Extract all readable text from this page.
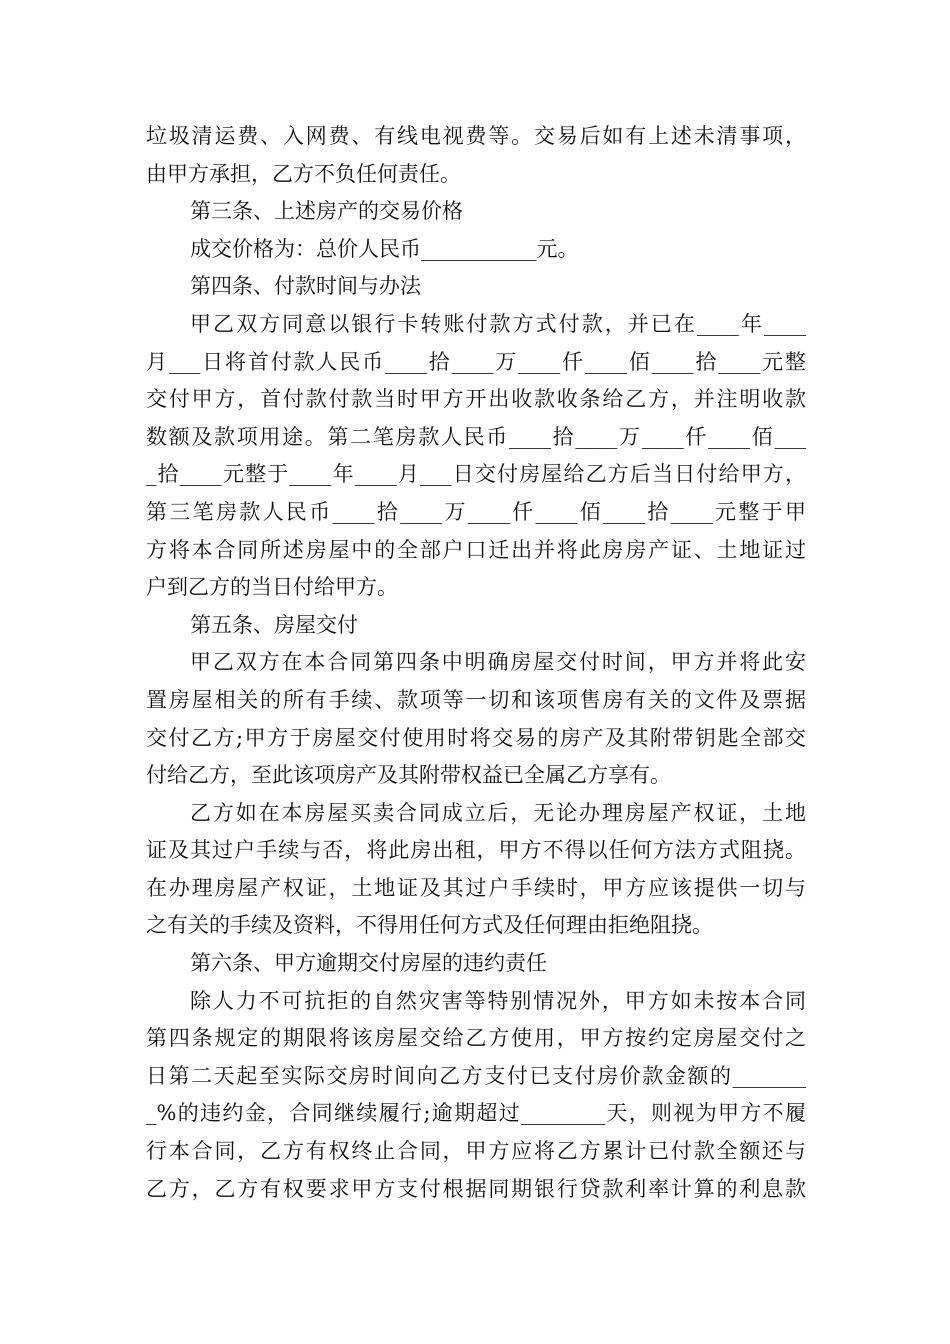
垃圾清运费、入网费、有线电视费等。交易后如有上述未清事项，
由甲方承担，乙方不负任何责任。
第三条、上述房产的交易价格
成交价格为：总价人民币___________元。
第四条、付款时间与办法
甲乙双方同意以银行卡转账付款方式付款，并已在____年____
月___日将首付款人民币____拾____万____仟____佰____拾____元整
交付甲方，首付款付款当时甲方开出收款收条给乙方，并注明收款
数额及款项用途。第二笔房款人民币____拾____万____仟____佰___
_拾____元整于____年____月___日交付房屋给乙方后当日付给甲方，
第三笔房款人民币____拾____万____仟____佰____拾____元整于甲
方将本合同所述房屋中的全部户口迁出并将此房房产证、土地证过
户到乙方的当日付给甲方。
第五条、房屋交付
甲乙双方在本合同第四条中明确房屋交付时间，甲方并将此安
置房屋相关的所有手续、款项等一切和该项售房有关的文件及票据
交付乙方;甲方于房屋交付使用时将交易的房产及其附带钥匙全部交
付给乙方，至此该项房产及其附带权益已全属乙方享有。
乙方如在本房屋买卖合同成立后，无论办理房屋产权证，土地
证及其过户手续与否，将此房出租，甲方不得以任何方法方式阻挠。
在办理房屋产权证，土地证及其过户手续时，甲方应该提供一切与
之有关的手续及资料，不得用任何方式及任何理由拒绝阻挠。
第六条、甲方逾期交付房屋的违约责任
除人力不可抗拒的自然灾害等特别情况外，甲方如未按本合同
第四条规定的期限将该房屋交给乙方使用，甲方按约定房屋交付之
日第二天起至实际交房时间向乙方支付已支付房价款金额的_______
_%的违约金，合同继续履行;逾期超过________天，则视为甲方不履
行本合同，乙方有权终止合同，甲方应将乙方累计已付款全额还与
乙方，乙方有权要求甲方支付根据同期银行贷款利率计算的利息款
